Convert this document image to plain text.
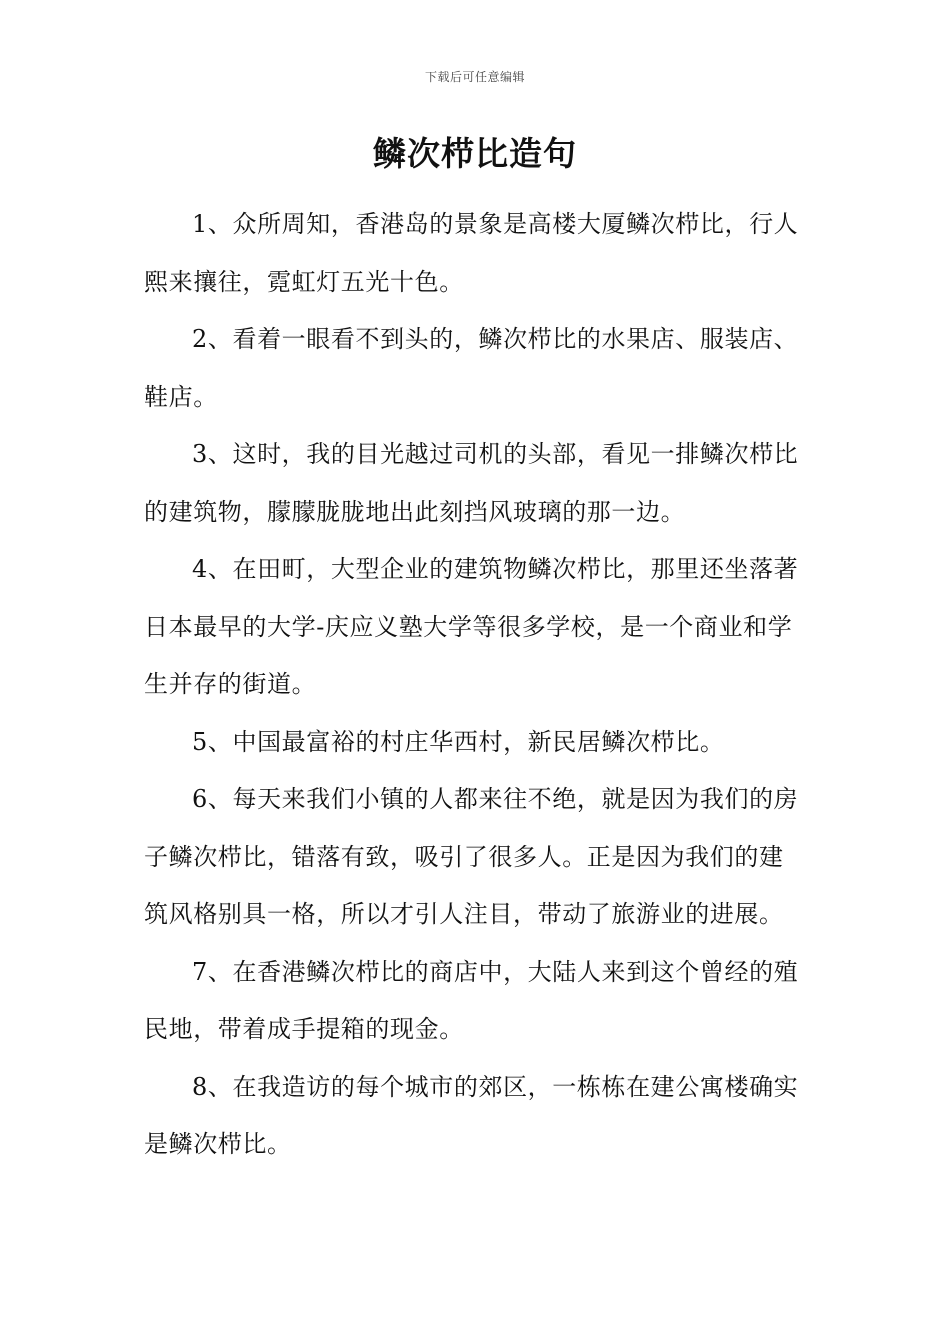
下载后可任意编辑
鳞次栉比造句

1、众所周知，香港岛的景象是高楼大厦鳞次栉比，行人熙来攘往，霓虹灯五光十色。

2、看着一眼看不到头的，鳞次栉比的水果店、服装店、鞋店。

3、这时，我的目光越过司机的头部，看见一排鳞次栉比的建筑物，朦朦胧胧地出此刻挡风玻璃的那一边。

4、在田町，大型企业的建筑物鳞次栉比，那里还坐落著日本最早的大学-庆应义塾大学等很多学校，是一个商业和学生并存的街道。

5、中国最富裕的村庄华西村，新民居鳞次栉比。

6、每天来我们小镇的人都来往不绝，就是因为我们的房子鳞次栉比，错落有致，吸引了很多人。正是因为我们的建筑风格别具一格，所以才引人注目，带动了旅游业的进展。

7、在香港鳞次栉比的商店中，大陆人来到这个曾经的殖民地，带着成手提箱的现金。

8、在我造访的每个城市的郊区，一栋栋在建公寓楼确实是鳞次栉比。
